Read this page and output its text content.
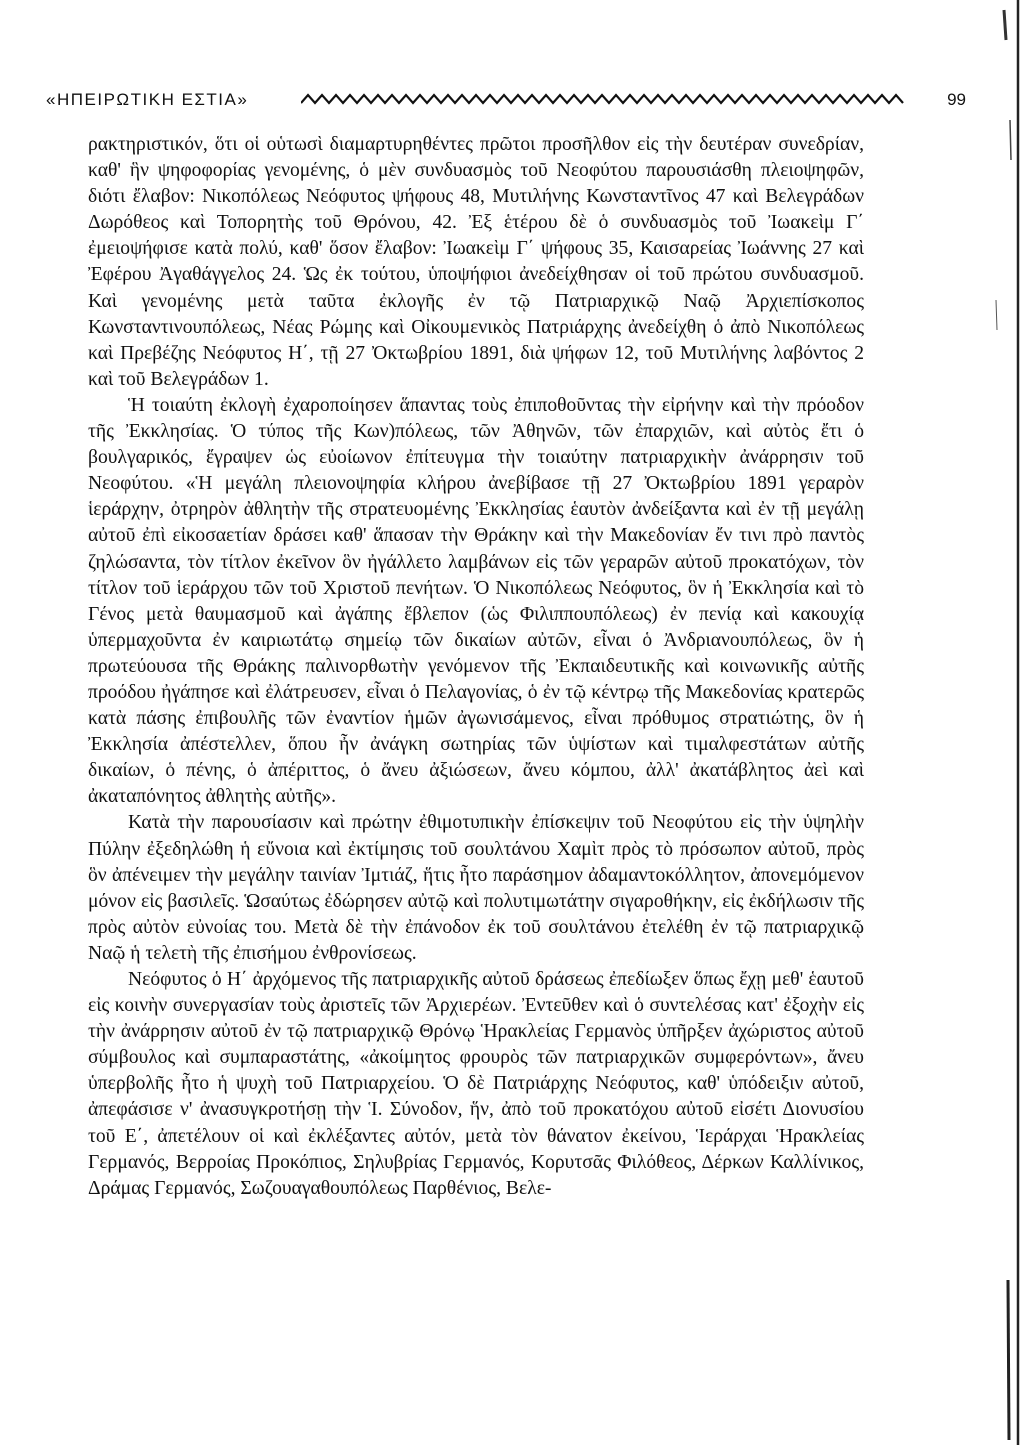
«ΗΠΕΙΡΩΤΙΚΗ ΕΣΤΙΑ»	99

ρακτηριστικόν, ὅτι οἱ οὑτωσὶ διαμαρτυρηθέντες πρῶτοι προσῆλθον εἰς τὴν δευτέραν συνεδρίαν, καθ' ἣν ψηφοφορίας γενομένης, ὁ μὲν συνδυασμὸς τοῦ Νεοφύτου παρουσιάσθη πλειοψηφῶν, διότι ἔλαβον: Νικοπόλεως Νεόφυτος ψήφους 48, Μυτιλήνης Κωνσταντῖνος 47 καὶ Βελεγράδων Δωρόθεος καὶ Τοπορητὴς τοῦ Θρόνου, 42. Ἐξ ἑτέρου δὲ ὁ συνδυασμὸς τοῦ Ἰωακεὶμ Γ΄ ἐμειοψήφισε κατὰ πολύ, καθ' ὅσον ἔλαβον: Ἰωακεὶμ Γ΄ ψήφους 35, Καισαρείας Ἰωάννης 27 καὶ Ἐφέρου Ἀγαθάγγελος 24. Ὡς ἐκ τούτου, ὑποψήφιοι ἀνεδείχθησαν οἱ τοῦ πρώτου συνδυασμοῦ. Καὶ γενομένης μετὰ ταῦτα ἐκλογῆς ἐν τῷ Πατριαρχικῷ Ναῷ Ἀρχιεπίσκοπος Κωνσταντινουπόλεως, Νέας Ρώμης καὶ Οἰκουμενικὸς Πατριάρχης ἀνεδείχθη ὁ ἀπὸ Νικοπόλεως καὶ Πρεβέζης Νεόφυτος Η΄, τῇ 27 Ὀκτωβρίου 1891, διὰ ψήφων 12, τοῦ Μυτιλήνης λαβόντος 2 καὶ τοῦ Βελεγράδων 1.

Ἡ τοιαύτη ἐκλογὴ ἐχαροποίησεν ἅπαντας τοὺς ἐπιποθοῦντας τὴν εἰρήνην καὶ τὴν πρόοδον τῆς Ἐκκλησίας. Ὁ τύπος τῆς Κων)πόλεως, τῶν Ἀθηνῶν, τῶν ἐπαρχιῶν, καὶ αὐτὸς ἔτι ὁ βουλγαρικός, ἔγραψεν ὡς εὐοίωνον ἐπίτευγμα τὴν τοιαύτην πατριαρχικὴν ἀνάρρησιν τοῦ Νεοφύτου. «Ἡ μεγάλη πλειονοψηφία κλήρου ἀνεβίβασε τῇ 27 Ὀκτωβρίου 1891 γεραρὸν ἱεράρχην, ὀτρηρὸν ἀθλητὴν τῆς στρατευομένης Ἐκκλησίας ἑαυτὸν ἀνδείξαντα καὶ ἐν τῇ μεγάλῃ αὐτοῦ ἐπὶ εἰκοσαετίαν δράσει καθ' ἅπασαν τὴν Θράκην καὶ τὴν Μακεδονίαν ἔν τινι πρὸ παντὸς ζηλώσαντα, τὸν τίτλον ἐκεῖνον ὃν ἠγάλλετο λαμβάνων εἰς τῶν γεραρῶν αὐτοῦ προκατόχων, τὸν τίτλον τοῦ ἱεράρχου τῶν τοῦ Χριστοῦ πενήτων. Ὁ Νικοπόλεως Νεόφυτος, ὃν ἡ Ἐκκλησία καὶ τὸ Γένος μετὰ θαυμασμοῦ καὶ ἀγάπης ἔβλεπον (ὡς Φιλιππουπόλεως) ἐν πενίᾳ καὶ κακουχίᾳ ὑπερμαχοῦντα ἐν καιριωτάτῳ σημείῳ τῶν δικαίων αὐτῶν, εἶναι ὁ Ἀνδριανουπόλεως, ὃν ἡ πρωτεύουσα τῆς Θράκης παλινορθωτὴν γενόμενον τῆς Ἐκπαιδευτικῆς καὶ κοινωνικῆς αὐτῆς προόδου ἠγάπησε καὶ ἐλάτρευσεν, εἶναι ὁ Πελαγονίας, ὁ ἐν τῷ κέντρῳ τῆς Μακεδονίας κρατερῶς κατὰ πάσης ἐπιβουλῆς τῶν ἐναντίον ἡμῶν ἀγωνισάμενος, εἶναι πρόθυμος στρατιώτης, ὃν ἡ Ἐκκλησία ἀπέστελλεν, ὅπου ἦν ἀνάγκη σωτηρίας τῶν ὑψίστων καὶ τιμαλφεστάτων αὐτῆς δικαίων, ὁ πένης, ὁ ἀπέριττος, ὁ ἄνευ ἀξιώσεων, ἄνευ κόμπου, ἀλλ' ἀκατάβλητος ἀεὶ καὶ ἀκαταπόνητος ἀθλητὴς αὐτῆς».

Κατὰ τὴν παρουσίασιν καὶ πρώτην ἐθιμοτυπικὴν ἐπίσκεψιν τοῦ Νεοφύτου εἰς τὴν ὑψηλὴν Πύλην ἐξεδηλώθη ἡ εὔνοια καὶ ἐκτίμησις τοῦ σουλτάνου Χαμὶτ πρὸς τὸ πρόσωπον αὐτοῦ, πρὸς ὃν ἀπένειμεν τὴν μεγάλην ταινίαν Ἰμτιάζ, ἥτις ἦτο παράσημον ἀδαμαντοκόλλητον, ἀπονεμόμενον μόνον εἰς βασιλεῖς. Ὡσαύτως ἐδώρησεν αὐτῷ καὶ πολυτιμωτάτην σιγαροθήκην, εἰς ἐκδήλωσιν τῆς πρὸς αὐτὸν εὐνοίας του. Μετὰ δὲ τὴν ἐπάνοδον ἐκ τοῦ σουλτάνου ἐτελέθη ἐν τῷ πατριαρχικῷ Ναῷ ἡ τελετὴ τῆς ἐπισήμου ἐνθρονίσεως.

Νεόφυτος ὁ Η΄ ἀρχόμενος τῆς πατριαρχικῆς αὐτοῦ δράσεως ἐπεδίωξεν ὅπως ἔχῃ μεθ' ἑαυτοῦ εἰς κοινὴν συνεργασίαν τοὺς ἀριστεῖς τῶν Ἀρχιερέων. Ἐντεῦθεν καὶ ὁ συντελέσας κατ' ἐξοχὴν εἰς τὴν ἀνάρρησιν αὐτοῦ ἐν τῷ πατριαρχικῷ Θρόνῳ Ἡρακλείας Γερμανὸς ὑπῆρξεν ἀχώριστος αὐτοῦ σύμβουλος καὶ συμπαραστάτης, «ἀκοίμητος φρουρὸς τῶν πατριαρχικῶν συμφερόντων», ἄνευ ὑπερβολῆς ἦτο ἡ ψυχὴ τοῦ Πατριαρχείου. Ὁ δὲ Πατριάρχης Νεόφυτος, καθ' ὑπόδειξιν αὐτοῦ, ἀπεφάσισε ν' ἀνασυγκροτήσῃ τὴν Ἱ. Σύνοδον, ἥν, ἀπὸ τοῦ προκατόχου αὐτοῦ εἰσέτι Διονυσίου τοῦ Ε΄, ἀπετέλουν οἱ καὶ ἐκλέξαντες αὐτόν, μετὰ τὸν θάνατον ἐκείνου, Ἱεράρχαι Ἡρακλείας Γερμανός, Βερροίας Προκόπιος, Σηλυβρίας Γερμανός, Κορυτσᾶς Φιλόθεος, Δέρκων Καλλίνικος, Δράμας Γερμανός, Σωζουαγαθουπόλεως Παρθένιος, Βελε-
